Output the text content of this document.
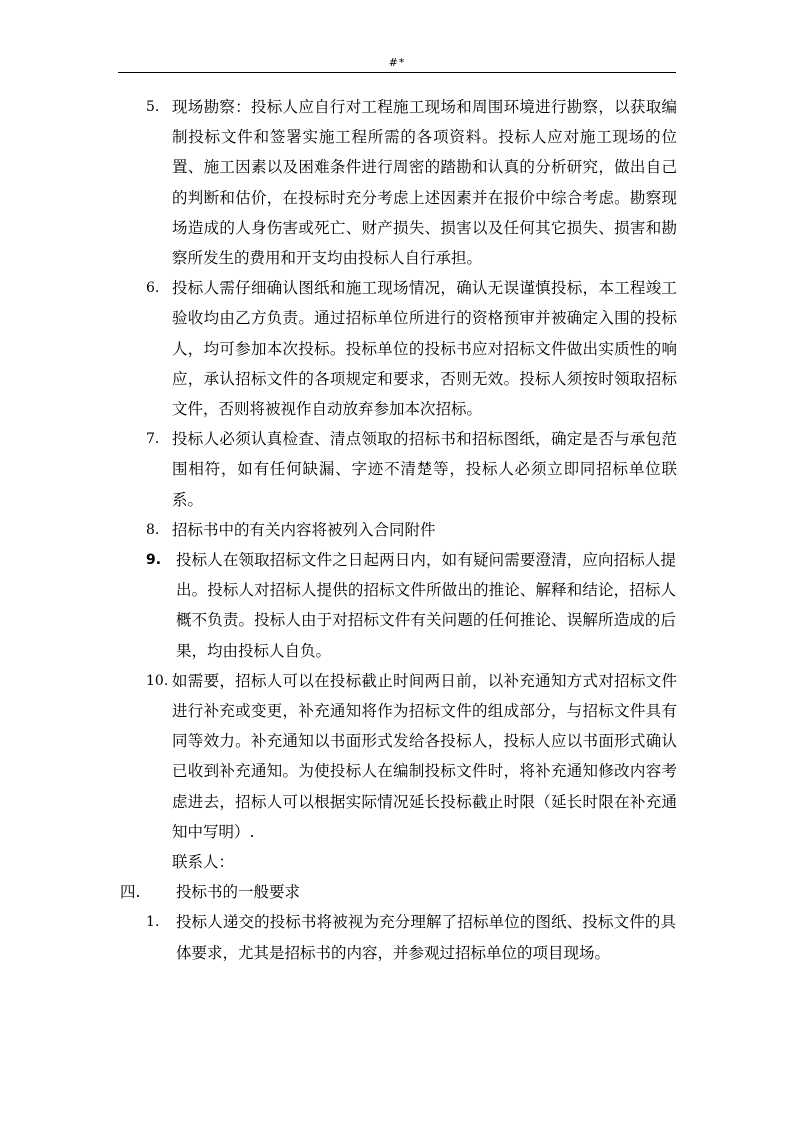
#*
5. 现场勘察：投标人应自行对工程施工现场和周围环境进行勘察，以获取编制投标文件和签署实施工程所需的各项资料。投标人应对施工现场的位置、施工因素以及困难条件进行周密的踏勘和认真的分析研究，做出自己的判断和估价，在投标时充分考虑上述因素并在报价中综合考虑。勘察现场造成的人身伤害或死亡、财产损失、损害以及任何其它损失、损害和勘察所发生的费用和开支均由投标人自行承担。
6. 投标人需仔细确认图纸和施工现场情况，确认无误谨慎投标，本工程竣工验收均由乙方负责。通过招标单位所进行的资格预审并被确定入围的投标人，均可参加本次投标。投标单位的投标书应对招标文件做出实质性的响应，承认招标文件的各项规定和要求，否则无效。投标人须按时领取招标文件，否则将被视作自动放弃参加本次招标。
7. 投标人必须认真检查、清点领取的招标书和招标图纸，确定是否与承包范围相符，如有任何缺漏、字迹不清楚等，投标人必须立即同招标单位联系。
8. 招标书中的有关内容将被列入合同附件
9. 投标人在领取招标文件之日起两日内，如有疑问需要澄清，应向招标人提出。投标人对招标人提供的招标文件所做出的推论、解释和结论，招标人概不负责。投标人由于对招标文件有关问题的任何推论、误解所造成的后果，均由投标人自负。
10. 如需要，招标人可以在投标截止时间两日前，以补充通知方式对招标文件进行补充或变更，补充通知将作为招标文件的组成部分，与招标文件具有同等效力。补充通知以书面形式发给各投标人，投标人应以书面形式确认已收到补充通知。为使投标人在编制投标文件时，将补充通知修改内容考虑进去，招标人可以根据实际情况延长投标截止时限（延长时限在补充通知中写明）.
联系人：
四. 投标书的一般要求
1. 投标人递交的投标书将被视为充分理解了招标单位的图纸、投标文件的具体要求，尤其是招标书的内容，并参观过招标单位的项目现场。
